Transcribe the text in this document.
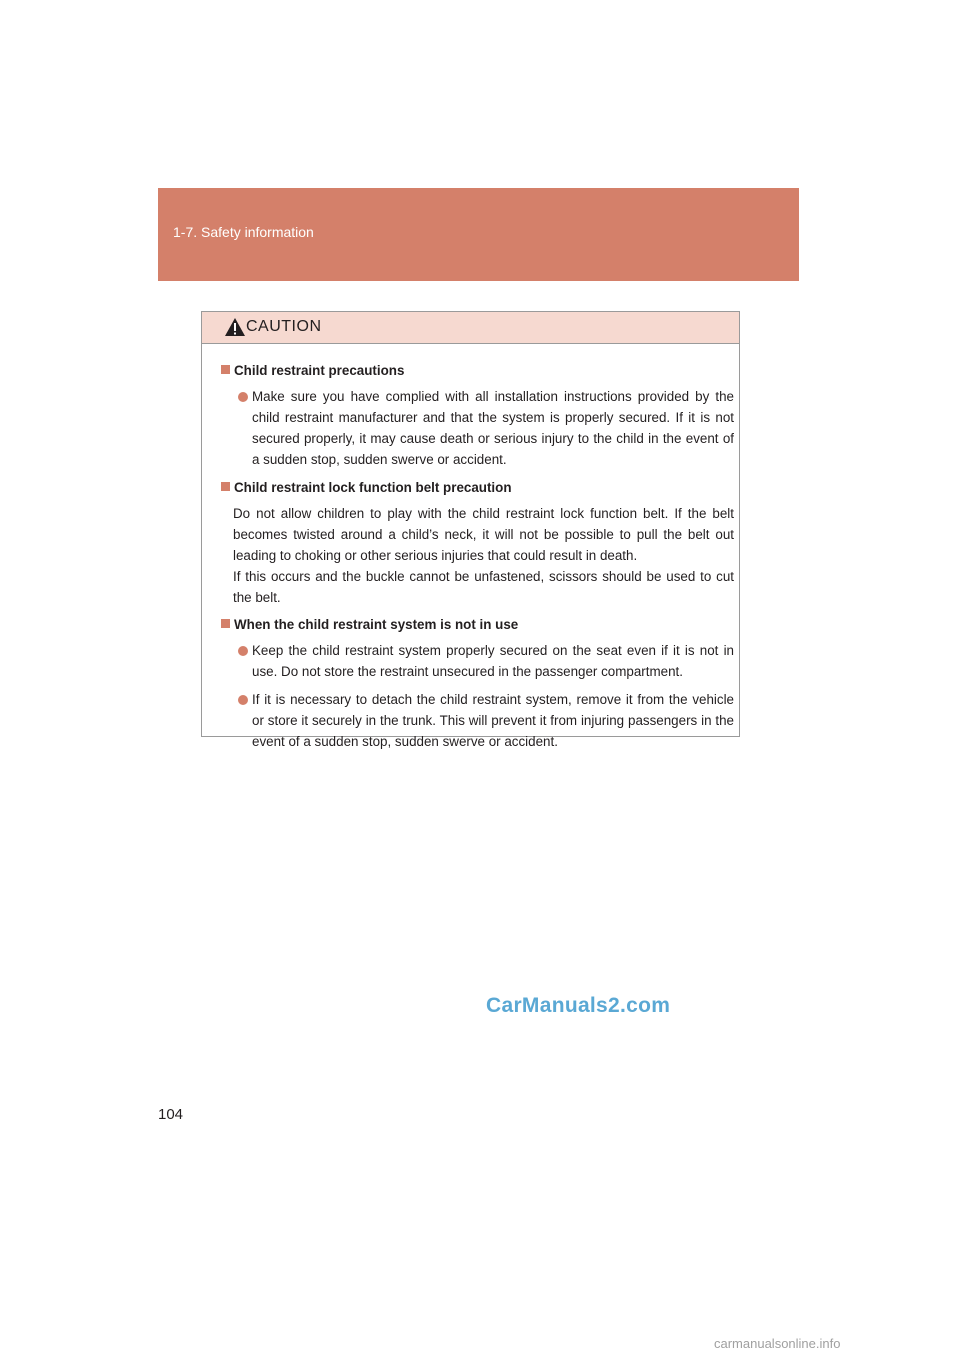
1-7. Safety information
CAUTION
Child restraint precautions
Make sure you have complied with all installation instructions provided by the child restraint manufacturer and that the system is properly secured. If it is not secured properly, it may cause death or serious injury to the child in the event of a sudden stop, sudden swerve or accident.
Child restraint lock function belt precaution
Do not allow children to play with the child restraint lock function belt. If the belt becomes twisted around a child’s neck, it will not be possible to pull the belt out leading to choking or other serious injuries that could result in death.
If this occurs and the buckle cannot be unfastened, scissors should be used to cut the belt.
When the child restraint system is not in use
Keep the child restraint system properly secured on the seat even if it is not in use. Do not store the restraint unsecured in the passenger compartment.
If it is necessary to detach the child restraint system, remove it from the vehicle or store it securely in the trunk. This will prevent it from injuring passengers in the event of a sudden stop, sudden swerve or accident.
CarManuals2.com
104
carmanualsonline.info
